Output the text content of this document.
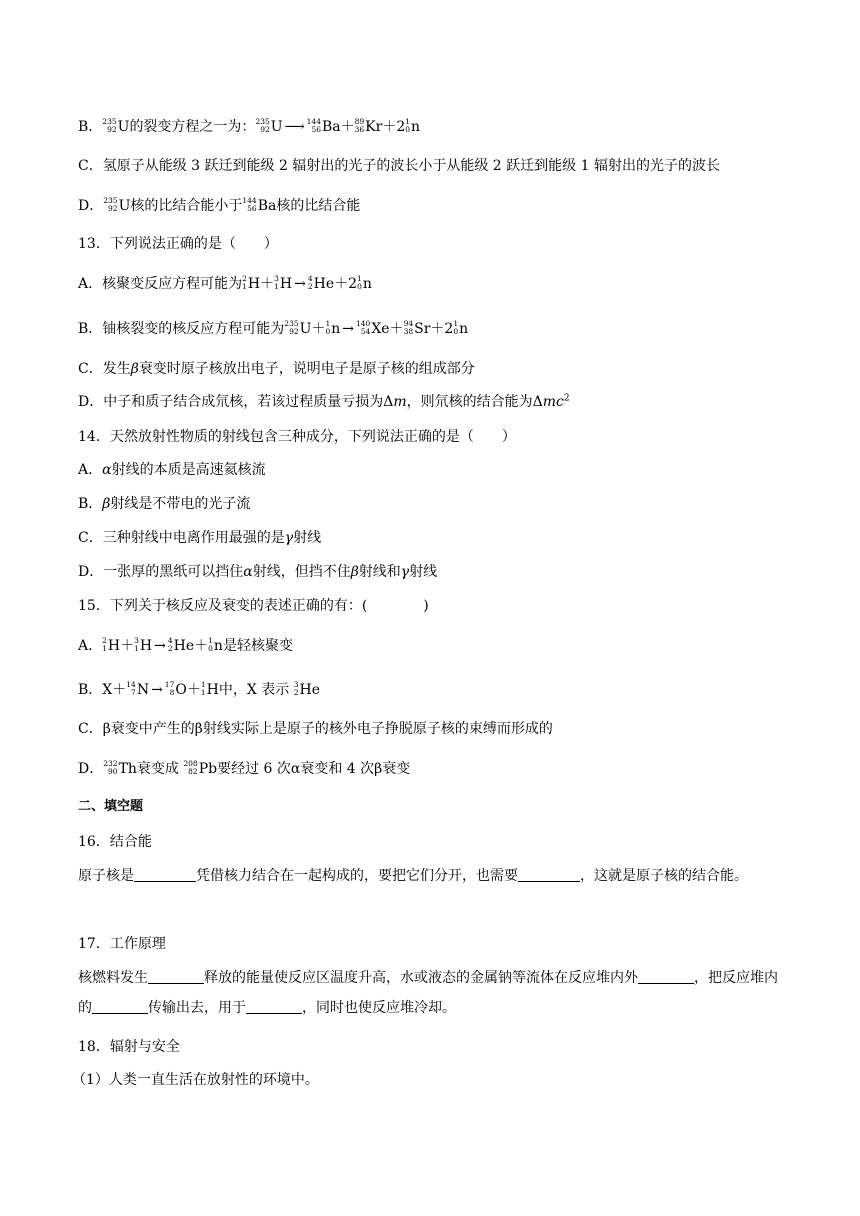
B． 235
92 U的裂变方程之一为： 235
92 U ⟶ 144
56 Ba＋ 89
36 Kr＋2 1
0 n
C．氢原子从能级 3 跃迁到能级 2 辐射出的光子的波长小于从能级 2 跃迁到能级 1 辐射出的光子的波长
D． 235
92 U核的比结合能小于 144
56 Ba核的比结合能
13．下列说法正确的是（　　）
A．核聚变反应方程可能为 2
1 H＋ 3
1 H → 4
2 He＋2 1
0 n
B．铀核裂变的核反应方程可能为 235
92 U＋ 1
0 n → 140
54 Xe＋ 94
38 Sr＋2 1
0 n
C．发生β衰变时原子核放出电子，说明电子是原子核的组成部分
D．中子和质子结合成氘核，若该过程质量亏损为Δm，则氘核的结合能为Δmc$^2$
14．天然放射性物质的射线包含三种成分，下列说法正确的是（　　）
A．α射线的本质是高速氦核流
B．β射线是不带电的光子流
C．三种射线中电离作用最强的是γ射线
D．一张厚的黑纸可以挡住α射线，但挡不住β射线和γ射线
15．下列关于核反应及衰变的表述正确的有：(　　　　)
A． 2
1 H＋ 3
1 H → 4
2 He＋ 1
0 n是轻核聚变
B．X＋ 14
7 N → 17
8 O＋ 1
1 H中，X 表示 3
2 He
C．β衰变中产生的β射线实际上是原子的核外电子挣脱原子核的束缚而形成的
D． 232
90 Th衰变成 208
82 Pb要经过 6 次α衰变和 4 次β衰变
二、填空题
16．结合能
原子核是	凭借核力结合在一起构成的，要把它们分开，也需要	，这就是原子核的结合能。
17．工作原理
核燃料发生	释放的能量使反应区温度升高，水或液态的金属钠等流体在反应堆内外	，把反应堆内的	传输出去，用于	，同时也使反应堆冷却。
18．辐射与安全
（1）人类一直生活在放射性的环境中。
